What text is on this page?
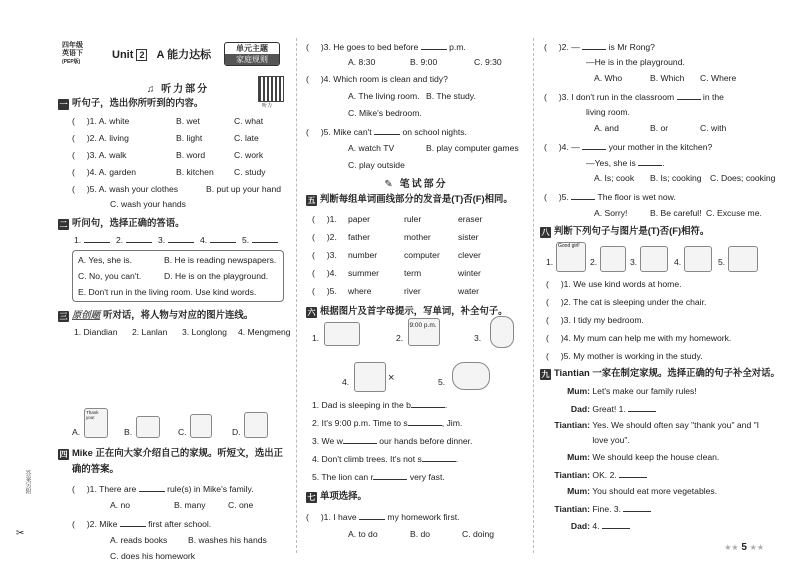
四年级
英语下
(PEP版)
Unit 2 A 能力达标
单元主题
家庭规则
听力
♫ 听力部分
一 听句子，选出你所听到的内容。
(     )1. A. white	B. wet	C. what
(     )2. A. living	B. light	C. late
(     )3. A. walk	B. word	C. work
(     )4. A. garden	B. kitchen C. study
(     )5. A. wash your clothes	B. put up your hand
C. wash your hands
二 听问句，选择正确的答语。
1.	2.	3.	4.	5.
A. Yes, she is.	B. He is reading newspapers.
C. No, you can't.	D. He is on the playground.
E. Don't run in the living room. Use kind words.
三 原创题 听对话，将人物与对应的图片连线。
1. Diandian 2. Lanlan 3. Longlong 4. Mengmeng
A.
Thank you!
B.	C.	D.
四 Mike 正在向大家介绍自己的家规。听短文，选出正
确的答案。
(     )1. There are	rule(s) in Mike's family.
A. no	B. many	C. one
(     )2. Mike	first after school.
A. reads books B. washes his hands
C. does his homework
(     )3. He goes to bed before	p.m.
A. 8:30	B. 9:00	C. 9:30
(     )4. Which room is clean and tidy?
A. The living room. B. The study.
C. Mike's bedroom.
(     )5. Mike can't	on school nights.
A. watch TV	B. play computer games
C. play outside
✎ 笔试部分
五 判断每组单词画线部分的发音是(T)否(F)相同。
(     )1. paper	ruler	eraser
(     )2. father	mother	sister
(     )3. number	computer clever
(     )4. summer	term	winter
(     )5. where	river	water
六 根据图片及首字母提示，写单词，补全句子。
1.	2.
9:00 p.m.
3.
4.	×	5.
1. Dad is sleeping in the b	.
2. It's 9:00 p.m. Time to s	, Jim.
3. We w	our hands before dinner.
4. Don't climb trees. It's not s	.
5. The lion can r	very fast.
七 单项选择。
(     )1. I have	my homework first.
A. to do	B. do	C. doing
(     )2. —	is Mr Rong?
—He is in the playground.
A. Who	B. Which C. Where
(     )3. I don't run in the classroom	in the
living room.
A. and	B. or	C. with
(     )4. —	your mother in the kitchen?
—Yes, she is	.
A. Is; cook B. Is; cooking C. Does; cooking
(     )5.	The floor is wet now.
A. Sorry!	B. Be careful! C. Excuse me.
八 判断下列句子与图片是(T)否(F)相符。
1.
Good girl!
2.	3.	4.	5.
(     )1. We use kind words at home.
(     )2. The cat is sleeping under the chair.
(     )3. I tidy my bedroom.
(     )4. My mum can help me with my homework.
(     )5. My mother is working in the study.
九 Tiantian 一家在制定家规。选择正确的句子补全对话。
Mum: Let's make our family rules!
Dad: Great! 1.
Tiantian: Yes. We should often say "thank you" and "I
love you".
Mum: We should keep the house clean.
Tiantian: OK. 2.
Mum: You should eat more vegetables.
Tiantian: Fine. 3.
Dad: 4.
答案另附
✂
★★ 5 ★★
